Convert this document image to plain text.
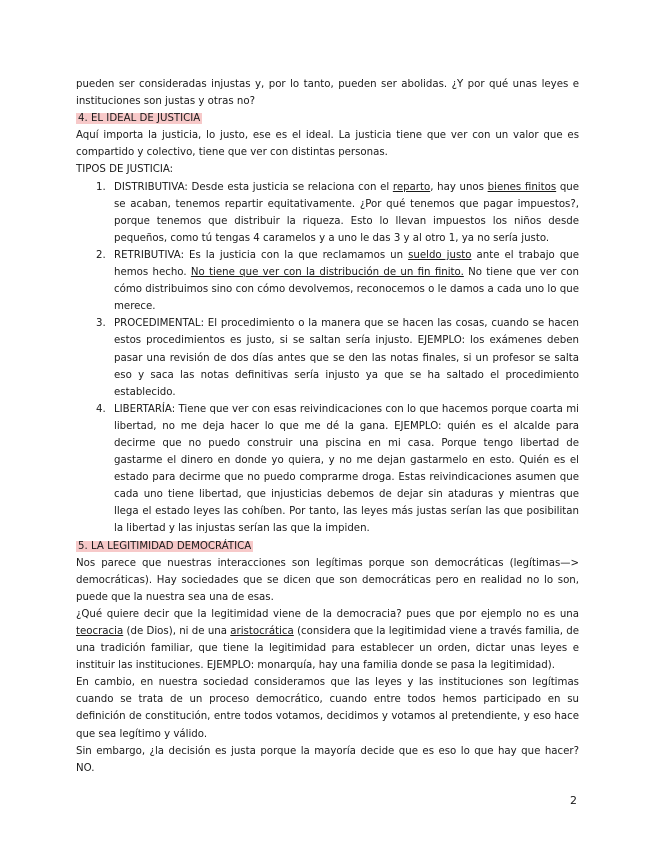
pueden ser consideradas injustas y, por lo tanto, pueden ser abolidas. ¿Y por qué unas leyes e instituciones son justas y otras no?

4. EL IDEAL DE JUSTICIA

Aquí importa la justicia, lo justo, ese es el ideal. La justicia tiene que ver con un valor que es compartido y colectivo, tiene que ver con distintas personas.

TIPOS DE JUSTICIA:

1. DISTRIBUTIVA: Desde esta justicia se relaciona con el reparto, hay unos bienes finitos que se acaban, tenemos repartir equitativamente. ¿Por qué tenemos que pagar impuestos?, porque tenemos que distribuir la riqueza. Esto lo llevan impuestos los niños desde pequeños, como tú tengas 4 caramelos y a uno le das 3 y al otro 1, ya no sería justo.
2. RETRIBUTIVA: Es la justicia con la que reclamamos un sueldo justo ante el trabajo que hemos hecho. No tiene que ver con la distribución de un fin finito. No tiene que ver con cómo distribuimos sino con cómo devolvemos, reconocemos o le damos a cada uno lo que merece.
3. PROCEDIMENTAL: El procedimiento o la manera que se hacen las cosas, cuando se hacen estos procedimientos es justo, si se saltan sería injusto. EJEMPLO: los exámenes deben pasar una revisión de dos días antes que se den las notas finales, si un profesor se salta eso y saca las notas definitivas sería injusto ya que se ha saltado el procedimiento establecido.
4. LIBERTARÍA: Tiene que ver con esas reivindicaciones con lo que hacemos porque coarta mi libertad, no me deja hacer lo que me dé la gana. EJEMPLO: quién es el alcalde para decirme que no puedo construir una piscina en mi casa. Porque tengo libertad de gastarme el dinero en donde yo quiera, y no me dejan gastarmelo en esto. Quién es el estado para decirme que no puedo comprarme droga. Estas reivindicaciones asumen que cada uno tiene libertad, que injusticias debemos de dejar sin ataduras y mientras que llega el estado leyes las cohíben. Por tanto, las leyes más justas serían las que posibilitan la libertad y las injustas serían las que la impiden.

5. LA LEGITIMIDAD DEMOCRÁTICA

Nos parece que nuestras interacciones son legítimas porque son democráticas (legítimas—> democráticas). Hay sociedades que se dicen que son democráticas pero en realidad no lo son, puede que la nuestra sea una de esas.

¿Qué quiere decir que la legitimidad viene de la democracia? pues que por ejemplo no es una teocracia (de Dios), ni de una aristocrática (considera que la legitimidad viene a través familia, de una tradición familiar, que tiene la legitimidad para establecer un orden, dictar unas leyes e instituir las instituciones. EJEMPLO: monarquía, hay una familia donde se pasa la legitimidad).

En cambio, en nuestra sociedad consideramos que las leyes y las instituciones son legítimas cuando se trata de un proceso democrático, cuando entre todos hemos participado en su definición de constitución, entre todos votamos, decidimos y votamos al pretendiente, y eso hace que sea legítimo y válido.

Sin embargo, ¿la decisión es justa porque la mayoría decide que es eso lo que hay que hacer? NO.

2
